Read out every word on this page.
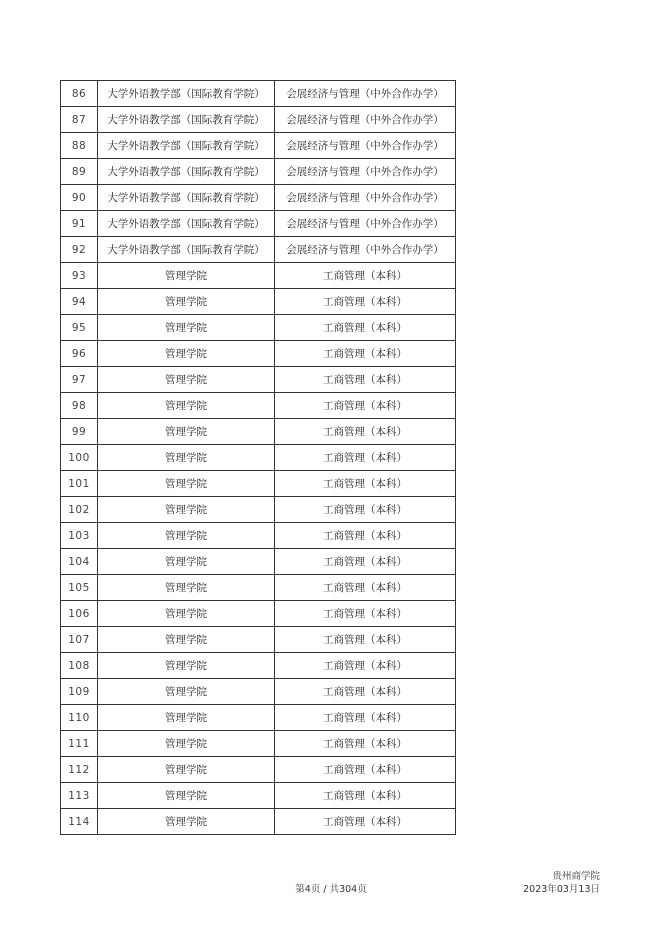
86	大学外语教学部（国际教育学院）	会展经济与管理（中外合作办学）
87	大学外语教学部（国际教育学院）	会展经济与管理（中外合作办学）
88	大学外语教学部（国际教育学院）	会展经济与管理（中外合作办学）
89	大学外语教学部（国际教育学院）	会展经济与管理（中外合作办学）
90	大学外语教学部（国际教育学院）	会展经济与管理（中外合作办学）
91	大学外语教学部（国际教育学院）	会展经济与管理（中外合作办学）
92	大学外语教学部（国际教育学院）	会展经济与管理（中外合作办学）
93	管理学院	工商管理（本科）
94	管理学院	工商管理（本科）
95	管理学院	工商管理（本科）
96	管理学院	工商管理（本科）
97	管理学院	工商管理（本科）
98	管理学院	工商管理（本科）
99	管理学院	工商管理（本科）
100	管理学院	工商管理（本科）
101	管理学院	工商管理（本科）
102	管理学院	工商管理（本科）
103	管理学院	工商管理（本科）
104	管理学院	工商管理（本科）
105	管理学院	工商管理（本科）
106	管理学院	工商管理（本科）
107	管理学院	工商管理（本科）
108	管理学院	工商管理（本科）
109	管理学院	工商管理（本科）
110	管理学院	工商管理（本科）
111	管理学院	工商管理（本科）
112	管理学院	工商管理（本科）
113	管理学院	工商管理（本科）
114	管理学院	工商管理（本科）
第4页 / 共304页
贵州商学院
2023年03月13日
